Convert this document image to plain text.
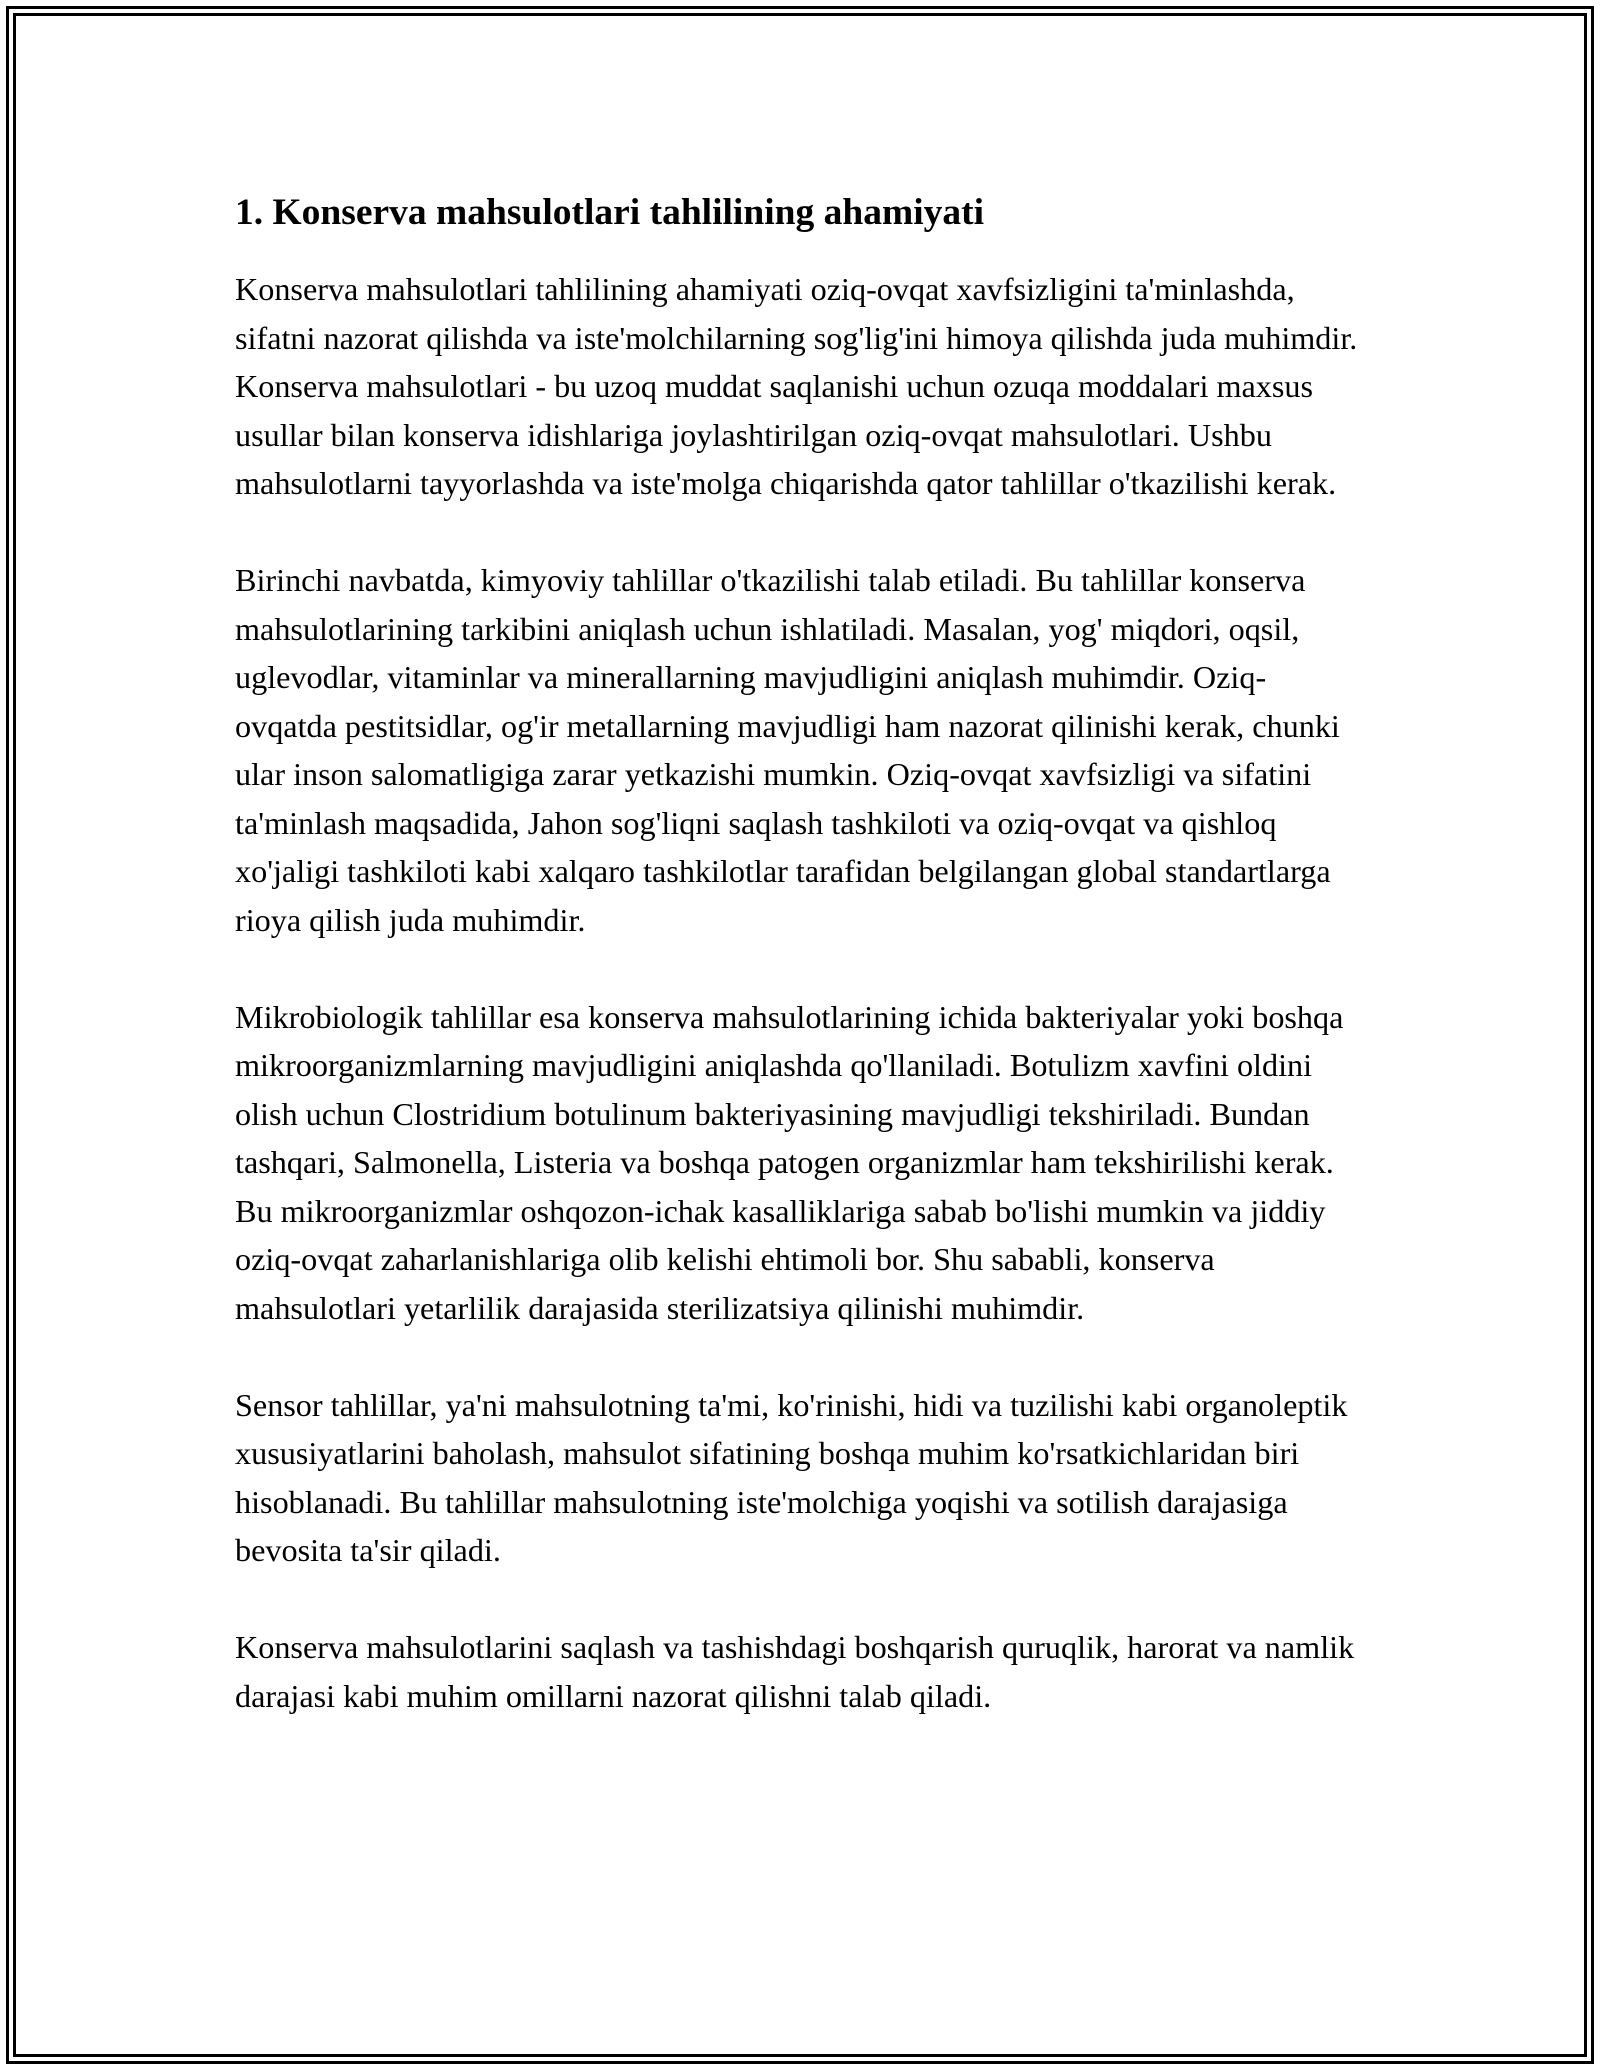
1. Konserva mahsulotlari tahlilining ahamiyati

Konserva mahsulotlari tahlilining ahamiyati oziq-ovqat xavfsizligini ta'minlashda, sifatni nazorat qilishda va iste'molchilarning sog'lig'ini himoya qilishda juda muhimdir. Konserva mahsulotlari - bu uzoq muddat saqlanishi uchun ozuqa moddalari maxsus usullar bilan konserva idishlariga joylashtirilgan oziq-ovqat mahsulotlari. Ushbu mahsulotlarni tayyorlashda va iste'molga chiqarishda qator tahlillar o'tkazilishi kerak.

Birinchi navbatda, kimyoviy tahlillar o'tkazilishi talab etiladi. Bu tahlillar konserva mahsulotlarining tarkibini aniqlash uchun ishlatiladi. Masalan, yog' miqdori, oqsil, uglevodlar, vitaminlar va minerallarning mavjudligini aniqlash muhimdir. Oziq-ovqatda pestitsidlar, og'ir metallarning mavjudligi ham nazorat qilinishi kerak, chunki ular inson salomatligiga zarar yetkazishi mumkin. Oziq-ovqat xavfsizligi va sifatini ta'minlash maqsadida, Jahon sog'liqni saqlash tashkiloti va oziq-ovqat va qishloq xo'jaligi tashkiloti kabi xalqaro tashkilotlar tarafidan belgilangan global standartlarga rioya qilish juda muhimdir.

Mikrobiologik tahlillar esa konserva mahsulotlarining ichida bakteriyalar yoki boshqa mikroorganizmlarning mavjudligini aniqlashda qo'llaniladi. Botulizm xavfini oldini olish uchun Clostridium botulinum bakteriyasining mavjudligi tekshiriladi. Bundan tashqari, Salmonella, Listeria va boshqa patogen organizmlar ham tekshirilishi kerak. Bu mikroorganizmlar oshqozon-ichak kasalliklariga sabab bo'lishi mumkin va jiddiy oziq-ovqat zaharlanishlariga olib kelishi ehtimoli bor. Shu sababli, konserva mahsulotlari yetarlilik darajasida sterilizatsiya qilinishi muhimdir.

Sensor tahlillar, ya'ni mahsulotning ta'mi, ko'rinishi, hidi va tuzilishi kabi organoleptik xususiyatlarini baholash, mahsulot sifatining boshqa muhim ko'rsatkichlaridan biri hisoblanadi. Bu tahlillar mahsulotning iste'molchiga yoqishi va sotilish darajasiga bevosita ta'sir qiladi.

Konserva mahsulotlarini saqlash va tashishdagi boshqarish quruqlik, harorat va namlik darajasi kabi muhim omillarni nazorat qilishni talab qiladi.
